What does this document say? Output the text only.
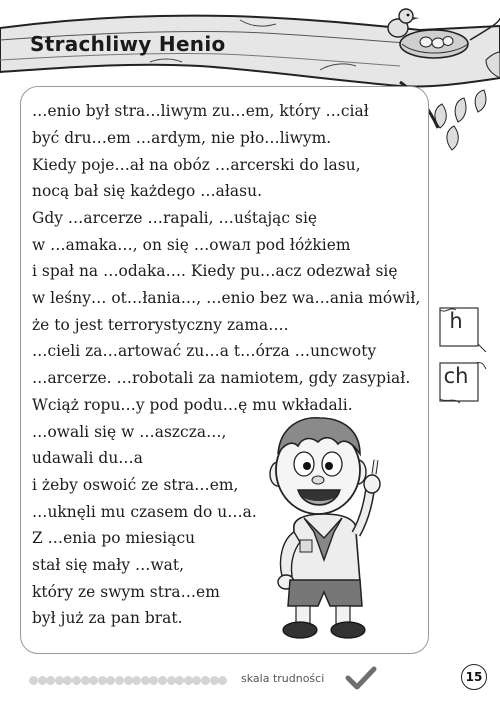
Strachliwy Henio
…enio był stra…liwym zu…em, który …ciał
być dru…em …ardym, nie pło…liwym.
Kiedy poje…ał na obóz …arcerski do lasu,
nocą bał się każdego …ałasu.
Gdy …arcerze …rapali, …uśtając się
w …amaka…, on się …owал pod łóżkiem
i spał na …odaka…. Kiedy pu…acz odezwał się
w leśny… ot…łania…, …enio bez wa…ania mówił,
że to jest terrorystyczny zama….
…cieli za…artować zu…a t…órza …uncwoty
…arcerze. …robotali za namiotem, gdy zasypiał.
Wciąż ropu…y pod podu…ę mu wkładali.
…owali się w …aszcza…,
udawali du…a
i żeby oswoić ze stra…em,
…uknęli mu czasem do u…a.
Z …enia po miesiącu
stał się mały …wat,
który ze swym stra…em
był już za pan brat.
h
ch
skala trudności	15
